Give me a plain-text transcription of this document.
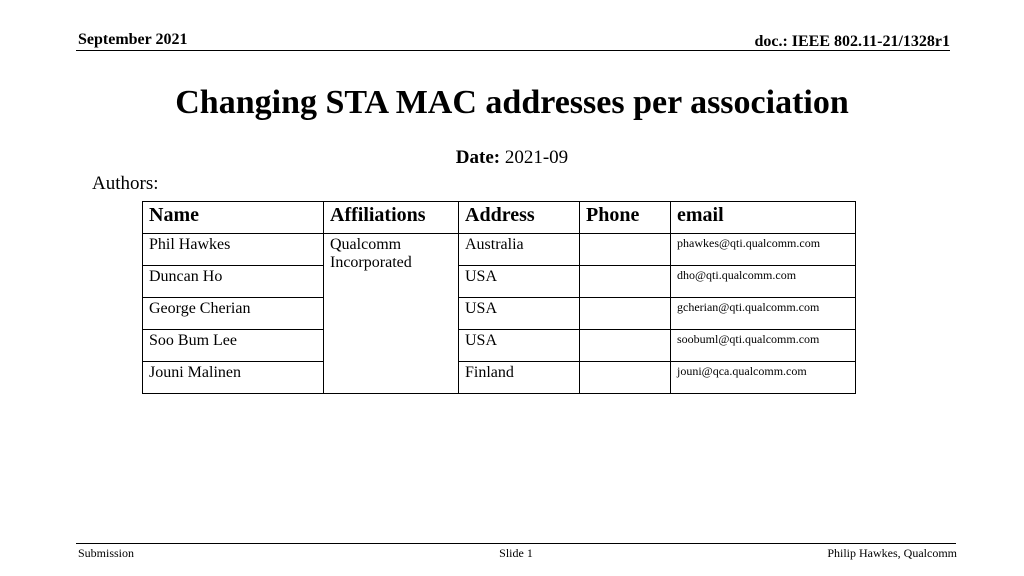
September 2021	doc.: IEEE 802.11-21/1328r1
Changing STA MAC addresses per association
Date: 2021-09
Authors:
Name	Affiliations	Address	Phone	email
Phil Hawkes	Qualcomm Incorporated	Australia		phawkes@qti.qualcomm.com
Duncan Ho		USA		dho@qti.qualcomm.com
George Cherian		USA		gcherian@qti.qualcomm.com
Soo Bum Lee		USA		soobuml@qti.qualcomm.com
Jouni Malinen		Finland		jouni@qca.qualcomm.com
Submission	Slide 1	Philip Hawkes, Qualcomm
